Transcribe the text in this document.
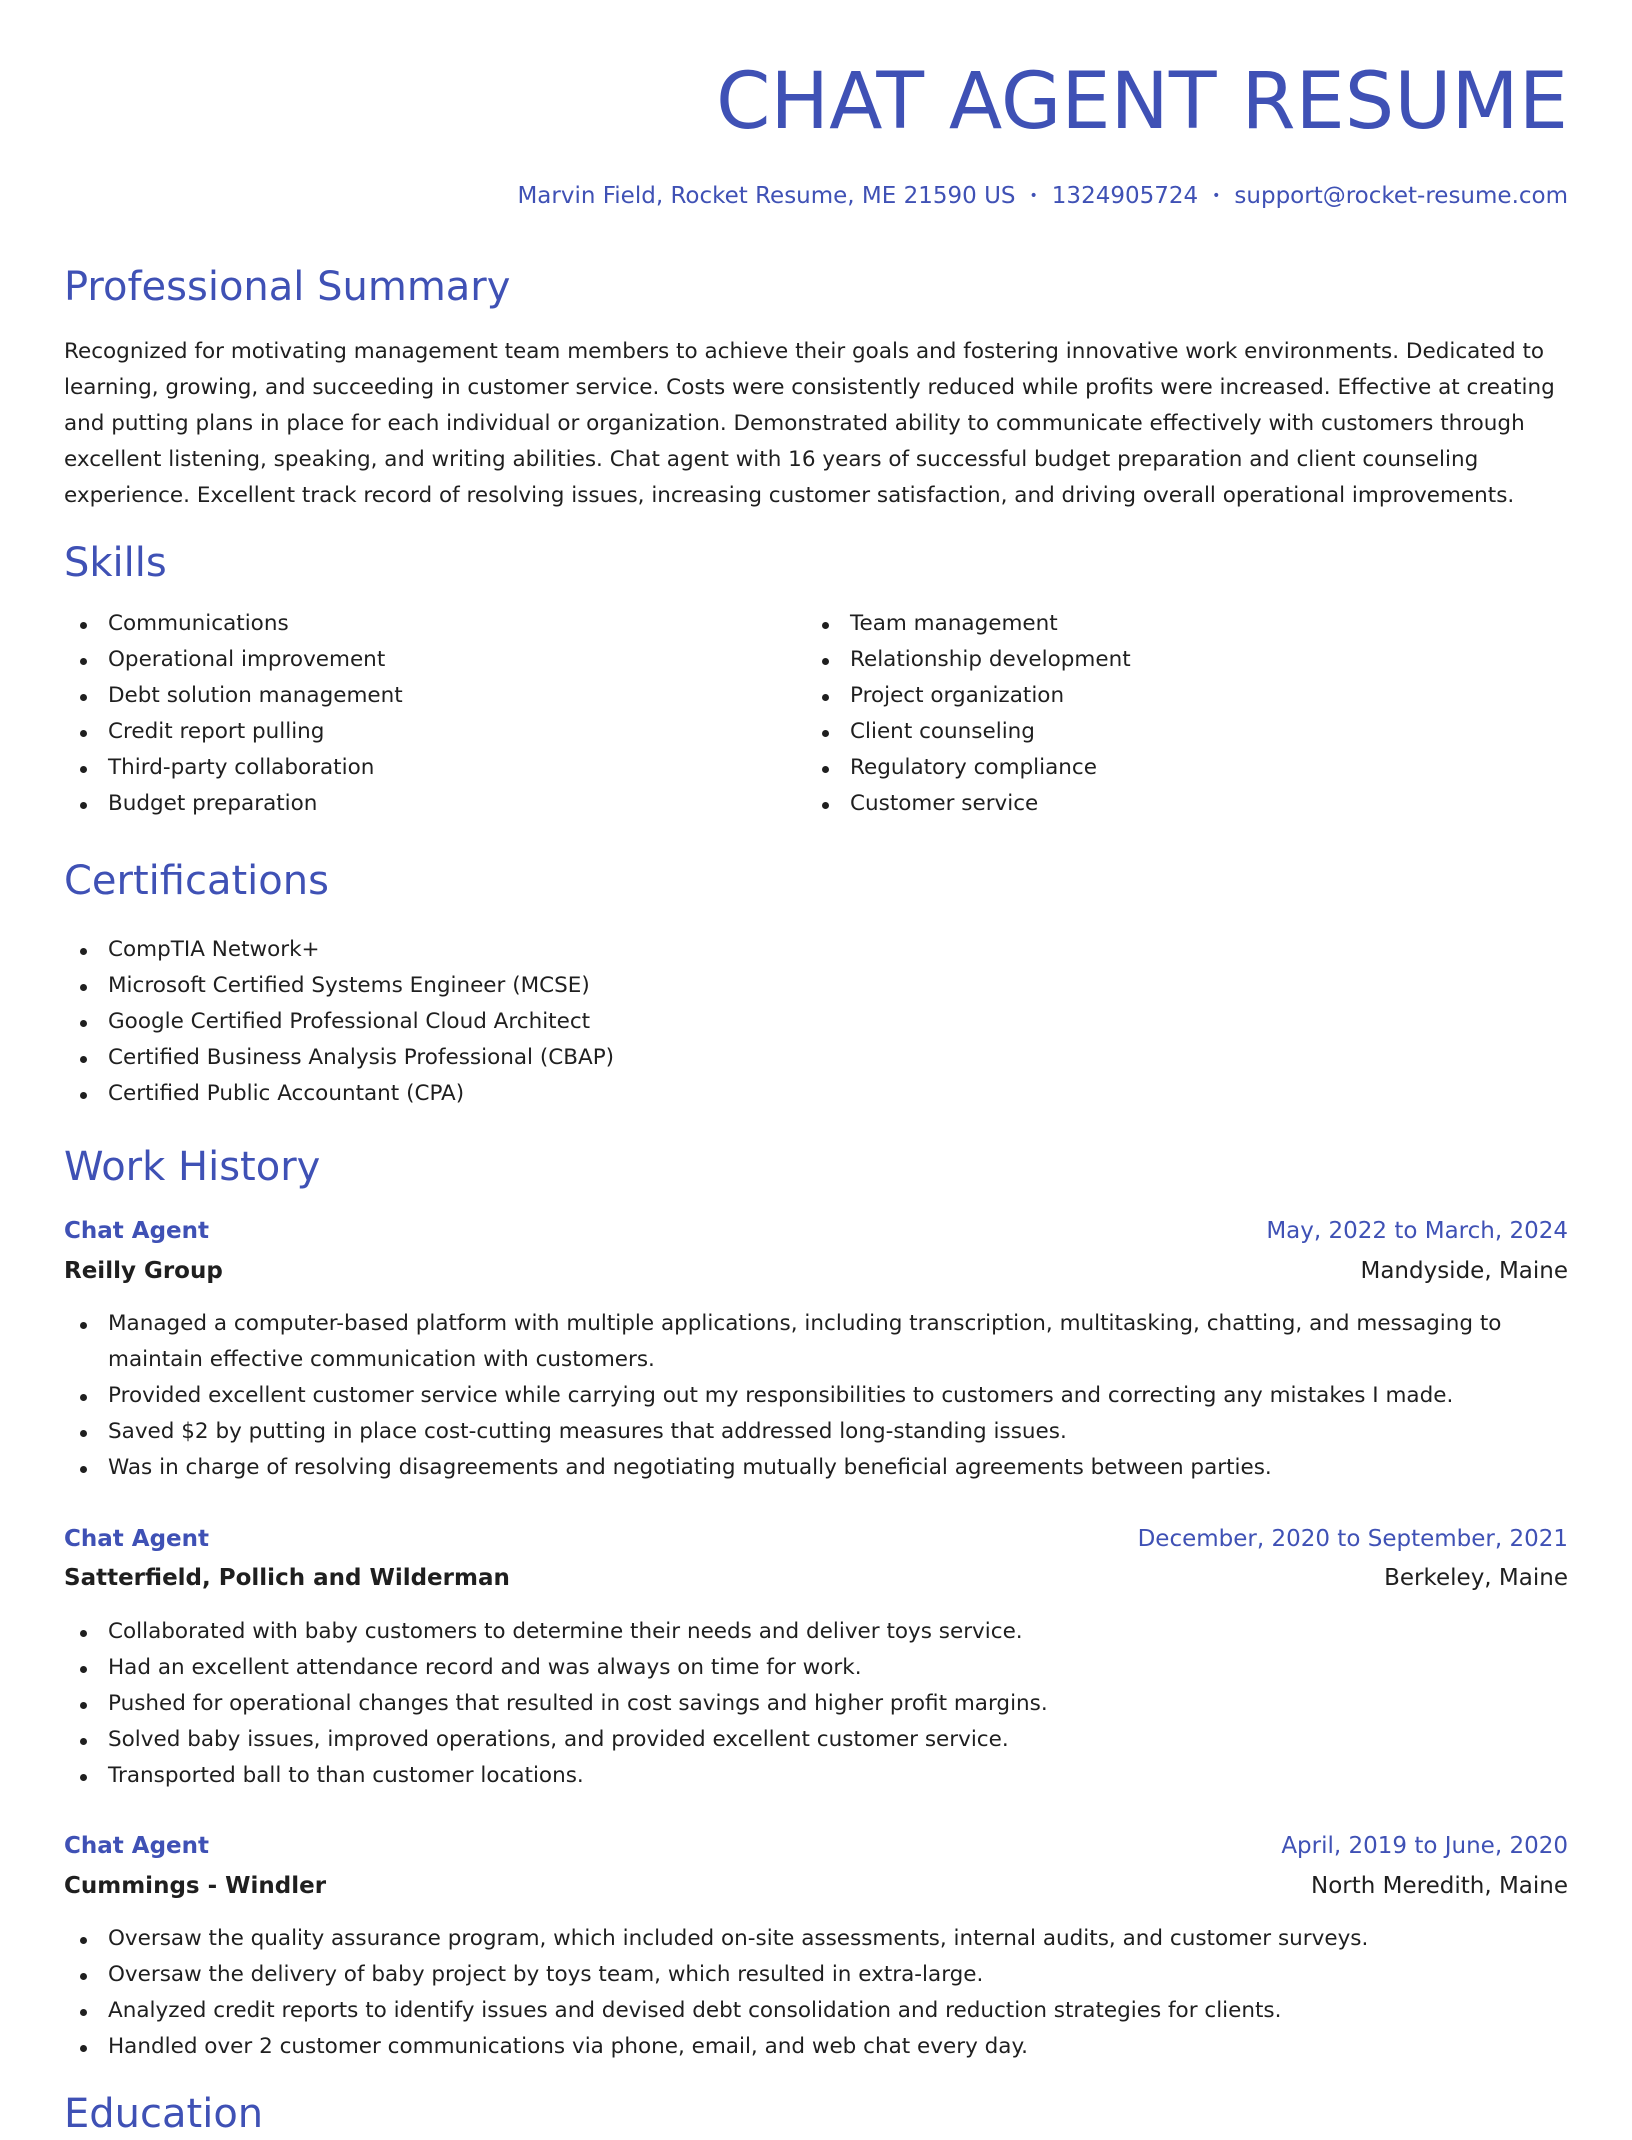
CHAT AGENT RESUME
Marvin Field, Rocket Resume, ME 21590 US • 1324905724 • support@rocket-resume.com
Professional Summary

Recognized for motivating management team members to achieve their goals and fostering innovative work environments. Dedicated to learning, growing, and succeeding in customer service. Costs were consistently reduced while profits were increased. Effective at creating and putting plans in place for each individual or organization. Demonstrated ability to communicate effectively with customers through excellent listening, speaking, and writing abilities. Chat agent with 16 years of successful budget preparation and client counseling experience. Excellent track record of resolving issues, increasing customer satisfaction, and driving overall operational improvements.

Skills
Communications
Operational improvement
Debt solution management
Credit report pulling
Third-party collaboration
Budget preparation
Team management
Relationship development
Project organization
Client counseling
Regulatory compliance
Customer service
Certifications
CompTIA Network+
Microsoft Certified Systems Engineer (MCSE)
Google Certified Professional Cloud Architect
Certified Business Analysis Professional (CBAP)
Certified Public Accountant (CPA)
Work History
Chat Agent	May, 2022 to March, 2024
Reilly Group	Mandyside, Maine
Managed a computer-based platform with multiple applications, including transcription, multitasking, chatting, and messaging to maintain effective communication with customers.
Provided excellent customer service while carrying out my responsibilities to customers and correcting any mistakes I made.
Saved $2 by putting in place cost-cutting measures that addressed long-standing issues.
Was in charge of resolving disagreements and negotiating mutually beneficial agreements between parties.
Chat Agent	December, 2020 to September, 2021
Satterfield, Pollich and Wilderman	Berkeley, Maine
Collaborated with baby customers to determine their needs and deliver toys service.
Had an excellent attendance record and was always on time for work.
Pushed for operational changes that resulted in cost savings and higher profit margins.
Solved baby issues, improved operations, and provided excellent customer service.
Transported ball to than customer locations.
Chat Agent	April, 2019 to June, 2020
Cummings - Windler	North Meredith, Maine
Oversaw the quality assurance program, which included on-site assessments, internal audits, and customer surveys.
Oversaw the delivery of baby project by toys team, which resulted in extra-large.
Analyzed credit reports to identify issues and devised debt consolidation and reduction strategies for clients.
Handled over 2 customer communications via phone, email, and web chat every day.
Education
